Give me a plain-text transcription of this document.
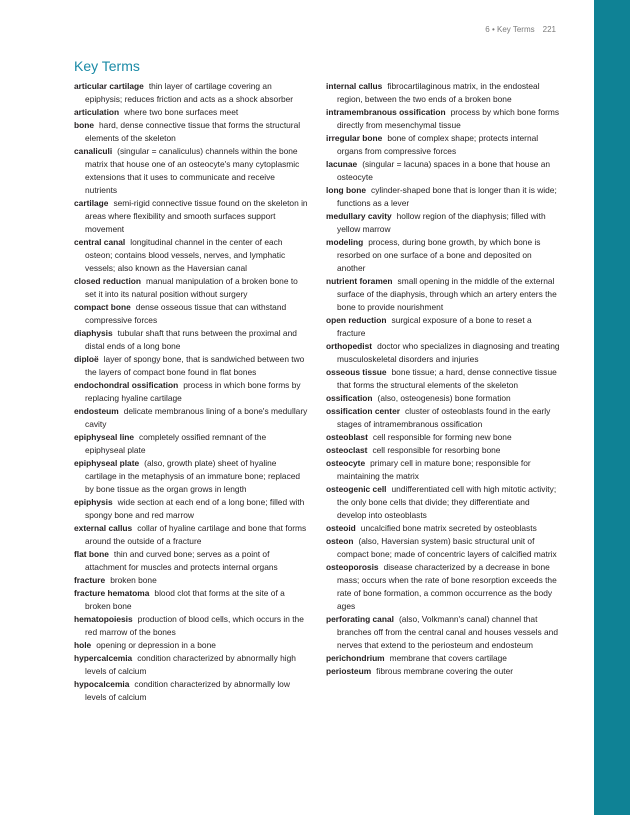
6 • Key Terms 221
Key Terms

articular cartilage thin layer of cartilage covering an epiphysis; reduces friction and acts as a shock absorber

articulation where two bone surfaces meet

bone hard, dense connective tissue that forms the structural elements of the skeleton

canaliculi (singular = canaliculus) channels within the bone matrix that house one of an osteocyte's many cytoplasmic extensions that it uses to communicate and receive nutrients

cartilage semi-rigid connective tissue found on the skeleton in areas where flexibility and smooth surfaces support movement

central canal longitudinal channel in the center of each osteon; contains blood vessels, nerves, and lymphatic vessels; also known as the Haversian canal

closed reduction manual manipulation of a broken bone to set it into its natural position without surgery

compact bone dense osseous tissue that can withstand compressive forces

diaphysis tubular shaft that runs between the proximal and distal ends of a long bone

diploë layer of spongy bone, that is sandwiched between two the layers of compact bone found in flat bones

endochondral ossification process in which bone forms by replacing hyaline cartilage

endosteum delicate membranous lining of a bone's medullary cavity

epiphyseal line completely ossified remnant of the epiphyseal plate

epiphyseal plate (also, growth plate) sheet of hyaline cartilage in the metaphysis of an immature bone; replaced by bone tissue as the organ grows in length

epiphysis wide section at each end of a long bone; filled with spongy bone and red marrow

external callus collar of hyaline cartilage and bone that forms around the outside of a fracture

flat bone thin and curved bone; serves as a point of attachment for muscles and protects internal organs

fracture broken bone

fracture hematoma blood clot that forms at the site of a broken bone

hematopoiesis production of blood cells, which occurs in the red marrow of the bones

hole opening or depression in a bone

hypercalcemia condition characterized by abnormally high levels of calcium

hypocalcemia condition characterized by abnormally low levels of calcium

internal callus fibrocartilaginous matrix, in the endosteal region, between the two ends of a broken bone

intramembranous ossification process by which bone forms directly from mesenchymal tissue

irregular bone bone of complex shape; protects internal organs from compressive forces

lacunae (singular = lacuna) spaces in a bone that house an osteocyte

long bone cylinder-shaped bone that is longer than it is wide; functions as a lever

medullary cavity hollow region of the diaphysis; filled with yellow marrow

modeling process, during bone growth, by which bone is resorbed on one surface of a bone and deposited on another

nutrient foramen small opening in the middle of the external surface of the diaphysis, through which an artery enters the bone to provide nourishment

open reduction surgical exposure of a bone to reset a fracture

orthopedist doctor who specializes in diagnosing and treating musculoskeletal disorders and injuries

osseous tissue bone tissue; a hard, dense connective tissue that forms the structural elements of the skeleton

ossification (also, osteogenesis) bone formation

ossification center cluster of osteoblasts found in the early stages of intramembranous ossification

osteoblast cell responsible for forming new bone

osteoclast cell responsible for resorbing bone

osteocyte primary cell in mature bone; responsible for maintaining the matrix

osteogenic cell undifferentiated cell with high mitotic activity; the only bone cells that divide; they differentiate and develop into osteoblasts

osteoid uncalcified bone matrix secreted by osteoblasts

osteon (also, Haversian system) basic structural unit of compact bone; made of concentric layers of calcified matrix

osteoporosis disease characterized by a decrease in bone mass; occurs when the rate of bone resorption exceeds the rate of bone formation, a common occurrence as the body ages

perforating canal (also, Volkmann's canal) channel that branches off from the central canal and houses vessels and nerves that extend to the periosteum and endosteum

perichondrium membrane that covers cartilage

periosteum fibrous membrane covering the outer
